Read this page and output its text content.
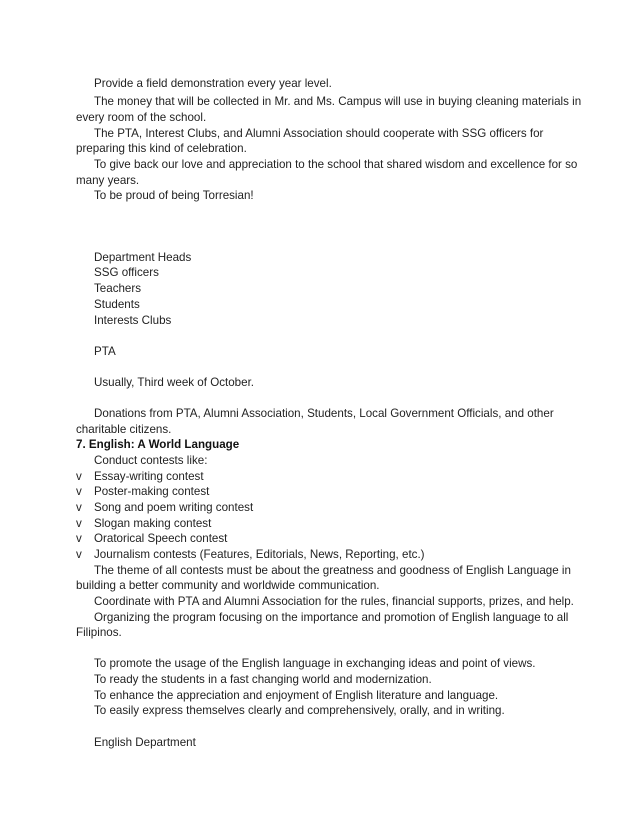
Provide a field demonstration every year level.
The money that will be collected in Mr. and Ms. Campus will use in buying cleaning materials in
every room of the school.
The PTA, Interest Clubs, and Alumni Association should cooperate with SSG officers for
preparing this kind of celebration.
To give back our love and appreciation to the school that shared wisdom and excellence for so
many years.
To be proud of being Torresian!
Department Heads
SSG officers
Teachers
Students
Interests Clubs
PTA
Usually, Third week of October.
Donations from PTA, Alumni Association, Students, Local Government Officials, and other
charitable citizens.
7. English: A World Language
Conduct contests like:
v Essay-writing contest
v Poster-making contest
v Song and poem writing contest
v Slogan making contest
v Oratorical Speech contest
v Journalism contests (Features, Editorials, News, Reporting, etc.)
The theme of all contests must be about the greatness and goodness of English Language in
building a better community and worldwide communication.
Coordinate with PTA and Alumni Association for the rules, financial supports, prizes, and help.
Organizing the program focusing on the importance and promotion of English language to all
Filipinos.
To promote the usage of the English language in exchanging ideas and point of views.
To ready the students in a fast changing world and modernization.
To enhance the appreciation and enjoyment of English literature and language.
To easily express themselves clearly and comprehensively, orally, and in writing.
English Department
